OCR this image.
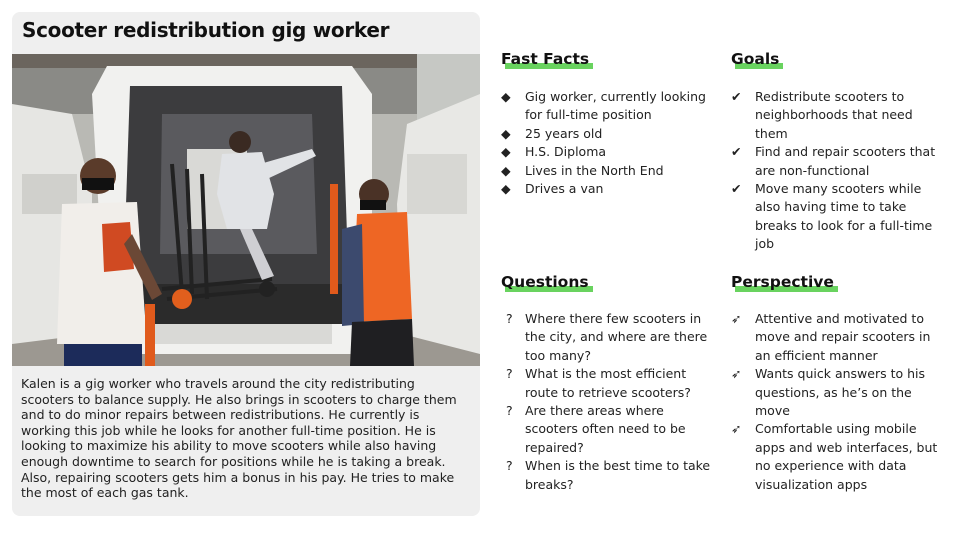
Scooter redistribution gig worker
Kalen is a gig worker who travels around the city redistributing scooters to balance supply. He also brings in scooters to charge them and to do minor repairs between redistributions. He currently is working this job while he looks for another full-time position. He is looking to maximize his ability to move scooters while also having enough downtime to search for positions while he is taking a break. Also, repairing scooters gets him a bonus in his pay. He tries to make the most of each gas tank.
Fast Facts
◆	Gig worker, currently looking for full-time position
◆	25 years old
◆	H.S. Diploma
◆	Lives in the North End
◆	Drives a van
Goals
✔	Redistribute scooters to neighborhoods that need them
✔	Find and repair scooters that are non-functional
✔	Move many scooters while also having time to take breaks to look for a full-time job
Questions
? Where there few scooters in the city, and where are there too many?
? What is the most efficient route to retrieve scooters?
? Are there areas where scooters often need to be repaired?
? When is the best time to take breaks?
Perspective
➶	Attentive and motivated to move and repair scooters in an efficient manner
➶	Wants quick answers to his questions, as he’s on the move
➶	Comfortable using mobile apps and web interfaces, but no experience with data visualization apps
